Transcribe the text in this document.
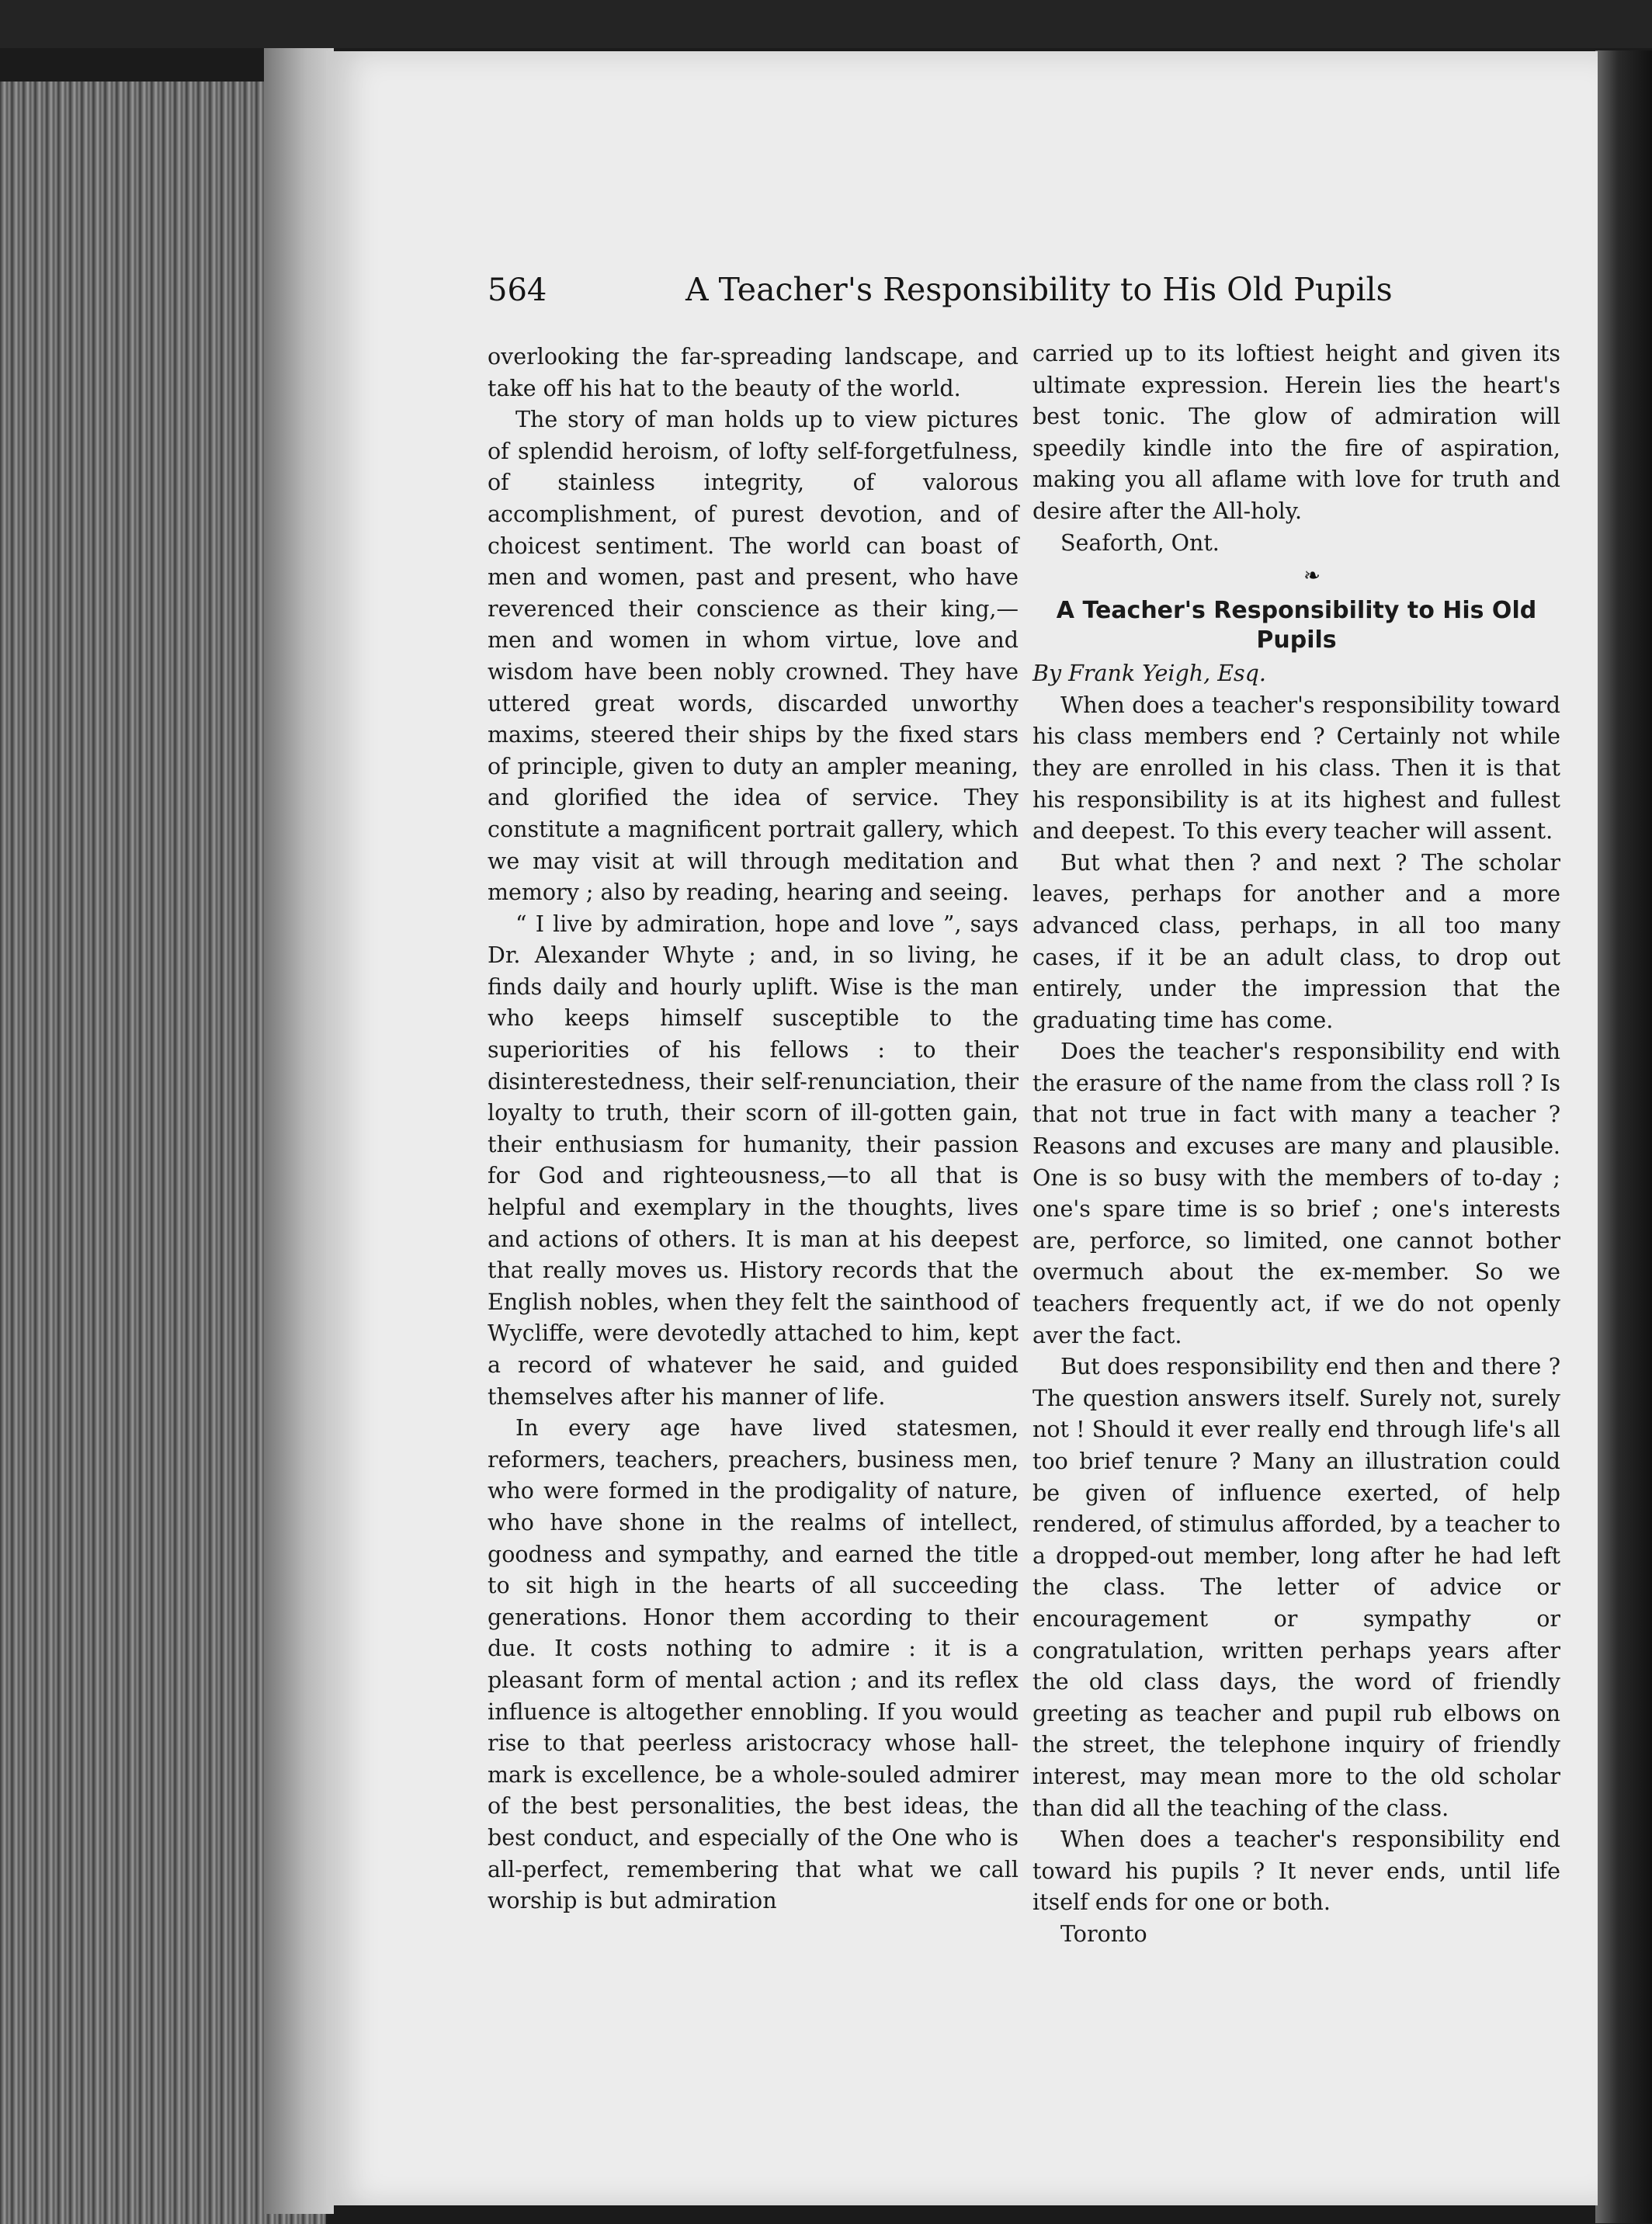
564	A Teacher's Responsibility to His Old Pupils

overlooking the far-spreading landscape, and take off his hat to the beauty of the world.

The story of man holds up to view pictures of splendid heroism, of lofty self-forgetfulness, of stainless integrity, of valorous accomplishment, of purest devotion, and of choicest sentiment. The world can boast of men and women, past and present, who have reverenced their conscience as their king,—men and women in whom virtue, love and wisdom have been nobly crowned. They have uttered great words, discarded unworthy maxims, steered their ships by the fixed stars of principle, given to duty an ampler meaning, and glorified the idea of service. They constitute a magnificent portrait gallery, which we may visit at will through meditation and memory ; also by reading, hearing and seeing.

“ I live by admiration, hope and love ”, says Dr. Alexander Whyte ; and, in so living, he finds daily and hourly uplift. Wise is the man who keeps himself susceptible to the superiorities of his fellows : to their disinterestedness, their self-renunciation, their loyalty to truth, their scorn of ill-gotten gain, their enthusiasm for humanity, their passion for God and righteousness,—to all that is helpful and exemplary in the thoughts, lives and actions of others. It is man at his deepest that really moves us. History records that the English nobles, when they felt the sainthood of Wycliffe, were devotedly attached to him, kept a record of whatever he said, and guided themselves after his manner of life.

In every age have lived statesmen, reformers, teachers, preachers, business men, who were formed in the prodigality of nature, who have shone in the realms of intellect, goodness and sympathy, and earned the title to sit high in the hearts of all succeeding generations. Honor them according to their due. It costs nothing to admire : it is a pleasant form of mental action ; and its reflex influence is altogether ennobling. If you would rise to that peerless aristocracy whose hall-mark is excellence, be a whole-souled admirer of the best personalities, the best ideas, the best conduct, and especially of the One who is all-perfect, remembering that what we call worship is but admiration

carried up to its loftiest height and given its ultimate expression. Herein lies the heart's best tonic. The glow of admiration will speedily kindle into the fire of aspiration, making you all aflame with love for truth and desire after the All-holy.

Seaforth, Ont.

❧
A Teacher's Responsibility to His Old Pupils

By Frank Yeigh, Esq.

When does a teacher's responsibility toward his class members end ? Certainly not while they are enrolled in his class. Then it is that his responsibility is at its highest and fullest and deepest. To this every teacher will assent.

But what then ? and next ? The scholar leaves, perhaps for another and a more advanced class, perhaps, in all too many cases, if it be an adult class, to drop out entirely, under the impression that the graduating time has come.

Does the teacher's responsibility end with the erasure of the name from the class roll ? Is that not true in fact with many a teacher ? Reasons and excuses are many and plausible. One is so busy with the members of to-day ; one's spare time is so brief ; one's interests are, perforce, so limited, one cannot bother overmuch about the ex-member. So we teachers frequently act, if we do not openly aver the fact.

But does responsibility end then and there ? The question answers itself. Surely not, surely not ! Should it ever really end through life's all too brief tenure ? Many an illustration could be given of influence exerted, of help rendered, of stimulus afforded, by a teacher to a dropped-out member, long after he had left the class. The letter of advice or encouragement or sympathy or congratulation, written perhaps years after the old class days, the word of friendly greeting as teacher and pupil rub elbows on the street, the telephone inquiry of friendly interest, may mean more to the old scholar than did all the teaching of the class.

When does a teacher's responsibility end toward his pupils ? It never ends, until life itself ends for one or both.

Toronto
